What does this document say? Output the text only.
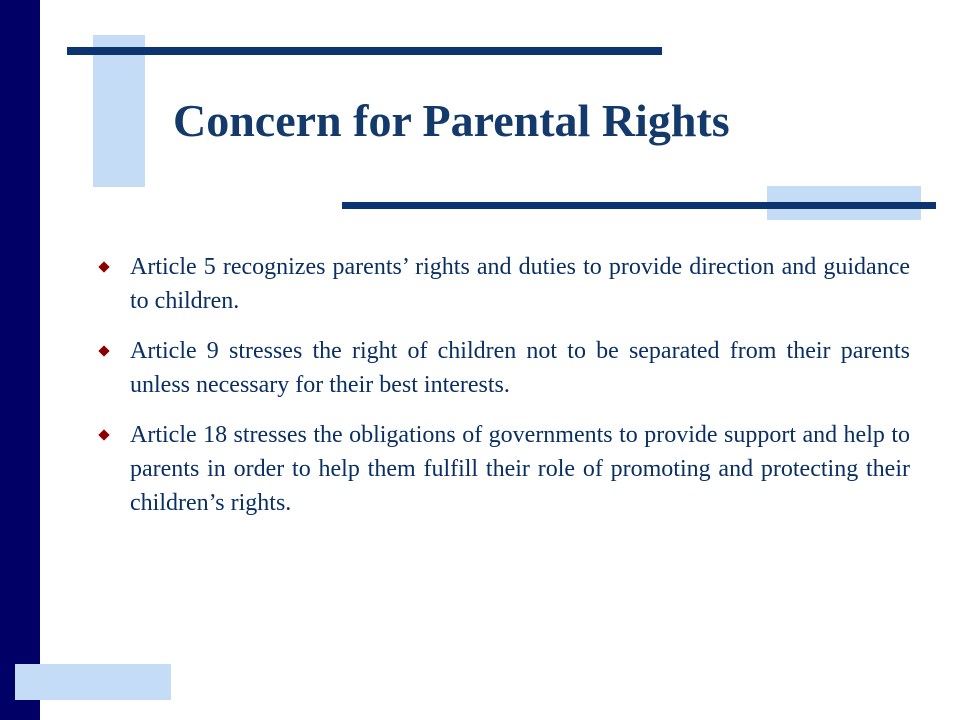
Concern for Parental Rights
Article 5 recognizes parents’ rights and duties to provide direction and guidance to children.
Article 9 stresses the right of children not to be separated from their parents unless necessary for their best interests.
Article 18 stresses the obligations of governments to provide support and help to parents in order to help them fulfill their role of promoting and protecting their children’s rights.
